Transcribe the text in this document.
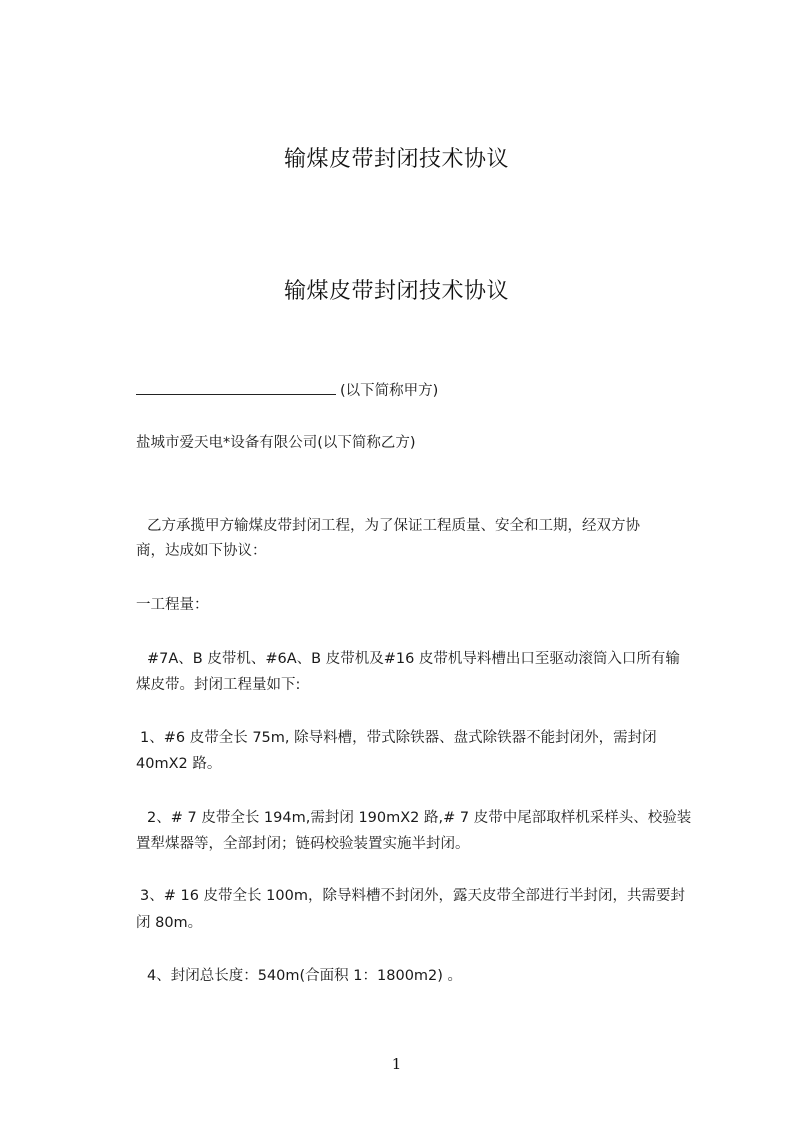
输煤皮带封闭技术协议
输煤皮带封闭技术协议
(以下简称甲方)
盐城市爱天电*设备有限公司(以下简称乙方)
乙方承揽甲方输煤皮带封闭工程，为了保证工程质量、安全和工期，经双方协
商，达成如下协议：
一工程量：
#7A、B 皮带机、#6A、B 皮带机及#16 皮带机导料槽出口至驱动滚筒入口所有输
煤皮带。封闭工程量如下:
1、#6 皮带全长 75m, 除导料槽，带式除铁器、盘式除铁器不能封闭外，需封闭
40mX2 路。
2、# 7 皮带全长 194m,需封闭 190mX2 路,# 7 皮带中尾部取样机采样头、校验装
置犁煤器等，全部封闭；链码校验装置实施半封闭。
3、# 16 皮带全长 100m，除导料槽不封闭外，露天皮带全部进行半封闭，共需要封
闭 80m。
4、封闭总长度：540m(合面积 1：1800m2) 。
1
